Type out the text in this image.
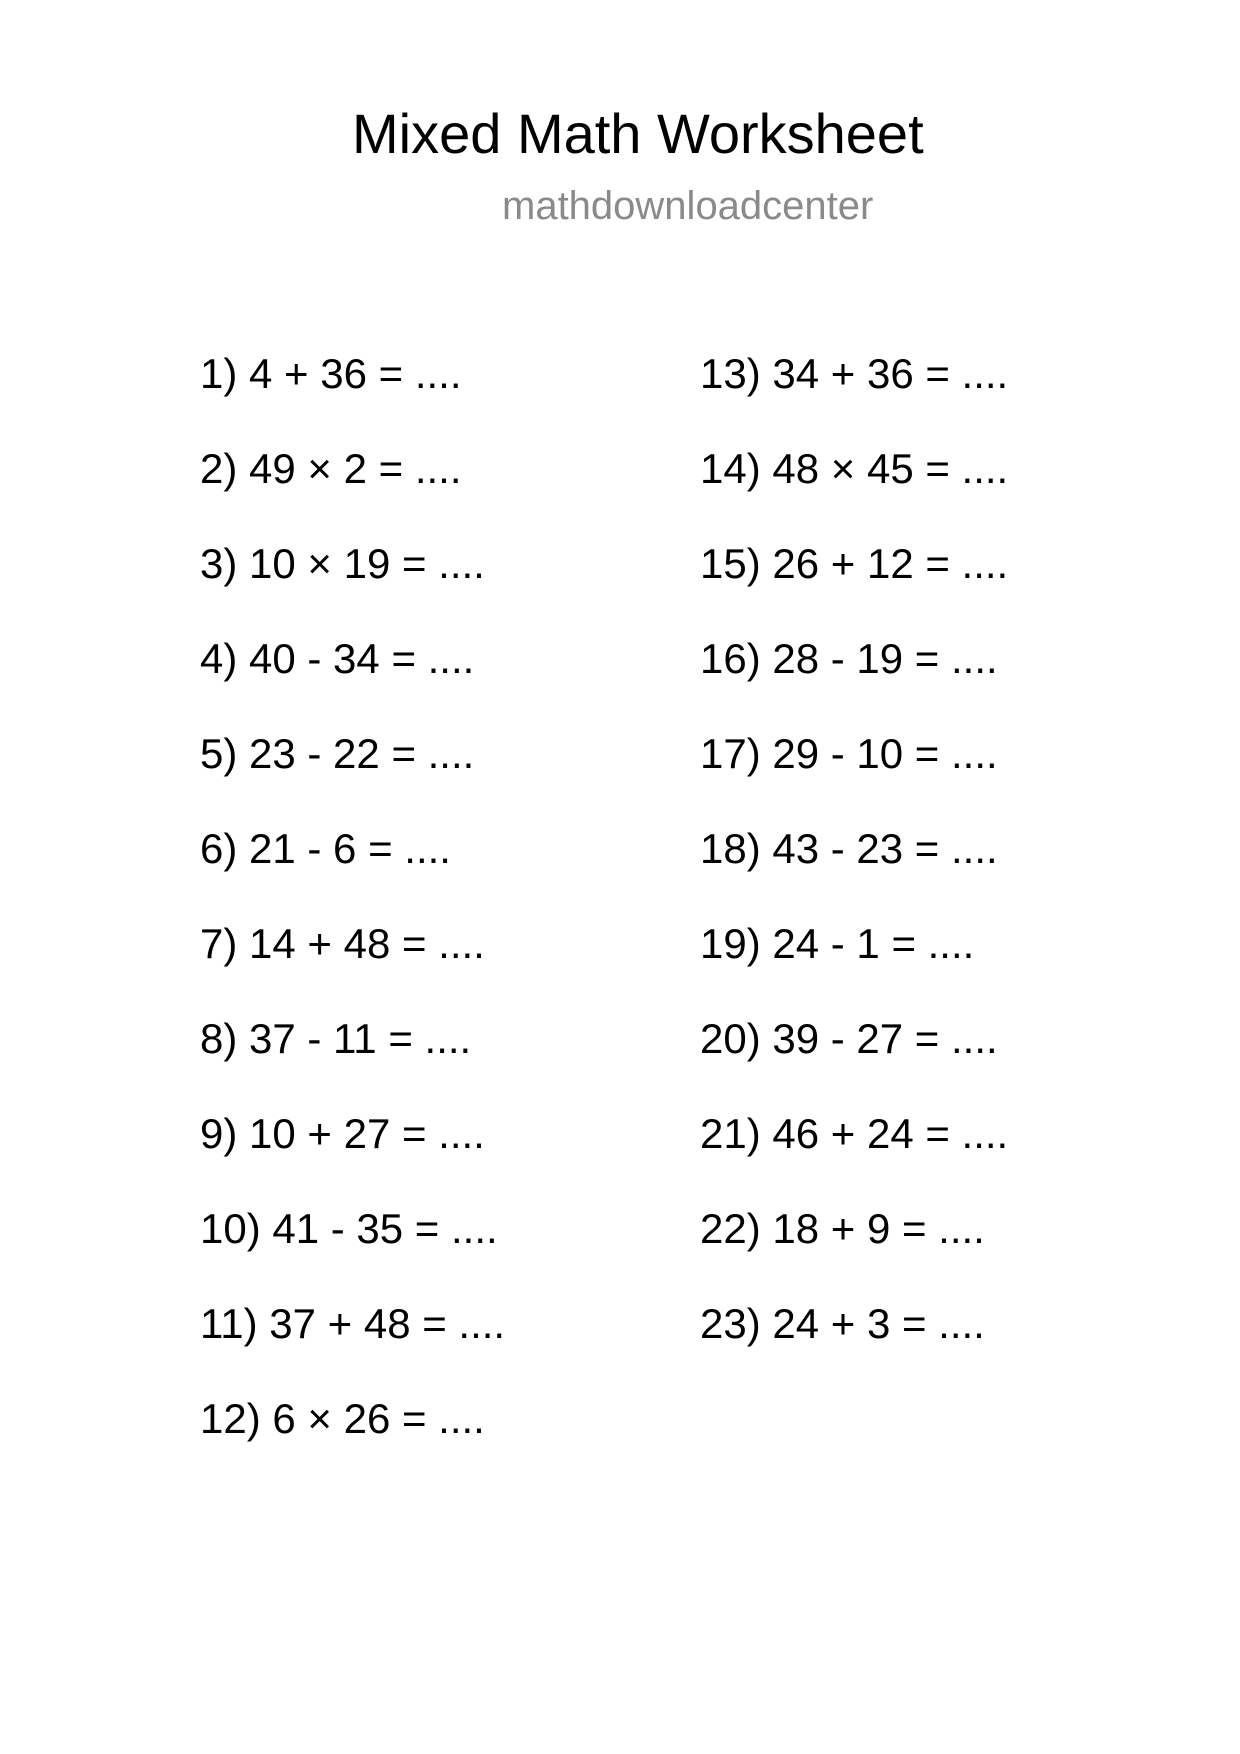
Mixed Math Worksheet
mathdownloadcenter
1) 4 + 36 = ....
2) 49 × 2 = ....
3) 10 × 19 = ....
4) 40 - 34 = ....
5) 23 - 22 = ....
6) 21 - 6 = ....
7) 14 + 48 = ....
8) 37 - 11 = ....
9) 10 + 27 = ....
10) 41 - 35 = ....
11) 37 + 48 = ....
12) 6 × 26 = ....
13) 34 + 36 = ....
14) 48 × 45 = ....
15) 26 + 12 = ....
16) 28 - 19 = ....
17) 29 - 10 = ....
18) 43 - 23 = ....
19) 24 - 1 = ....
20) 39 - 27 = ....
21) 46 + 24 = ....
22) 18 + 9 = ....
23) 24 + 3 = ....
